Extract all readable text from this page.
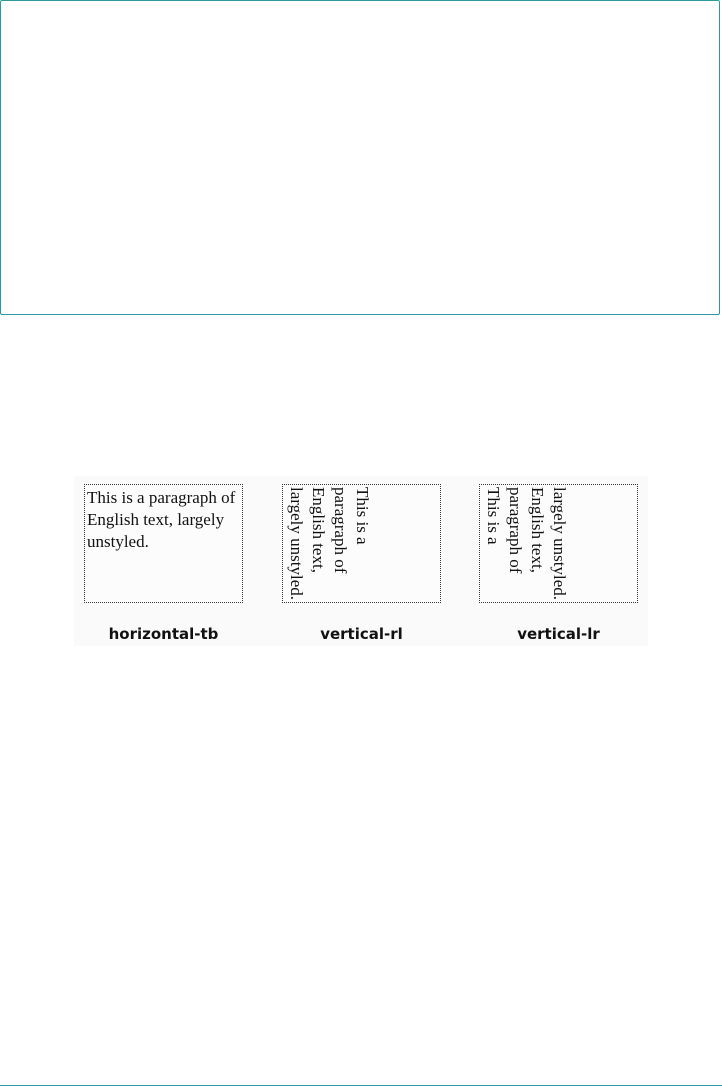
This is a paragraph of English text, largely unstyled.	This is a paragraph of English text, largely unstyled.	This is a paragraph of English text, largely unstyled.

horizontal-tb	vertical-rl	vertical-lr
